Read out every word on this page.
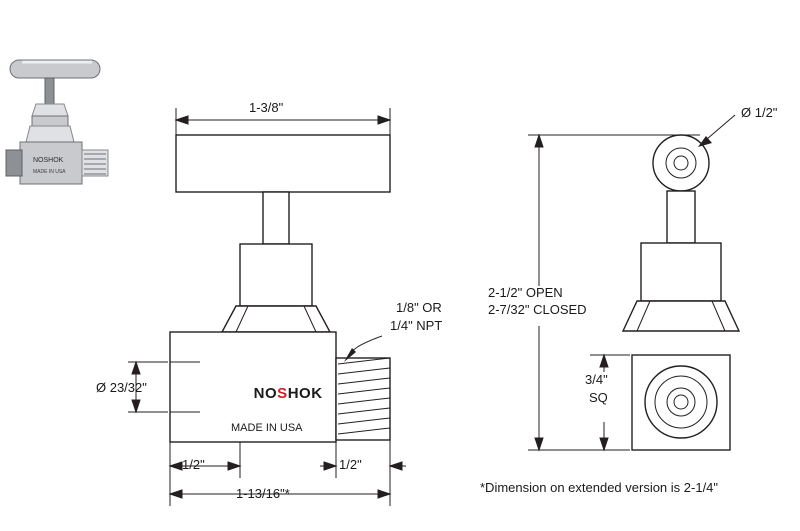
NOSHOK
MADE IN USA

NOSHOK

MADE IN USA
1-3/8"
Ø 23/32"
1/8" OR
1/4" NPT
1/2"	1/2"
1-13/16"*
Ø 1/2"
2-1/2" OPEN
2-7/32" CLOSED
3/4"
SQ
*Dimension on extended version is 2-1/4"
